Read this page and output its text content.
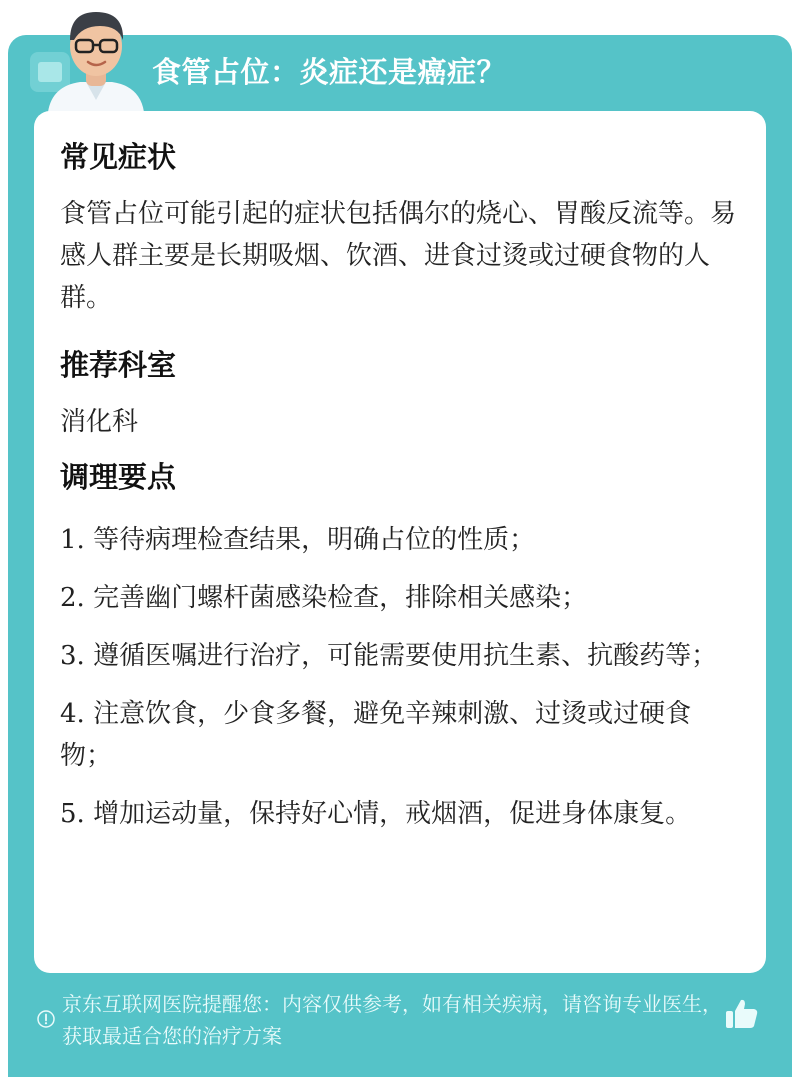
食管占位：炎症还是癌症？
常见症状
食管占位可能引起的症状包括偶尔的烧心、胃酸反流等。易感人群主要是长期吸烟、饮酒、进食过烫或过硬食物的人群。
推荐科室
消化科
调理要点
1. 等待病理检查结果，明确占位的性质；
2. 完善幽门螺杆菌感染检查，排除相关感染；
3. 遵循医嘱进行治疗，可能需要使用抗生素、抗酸药等；
4. 注意饮食，少食多餐，避免辛辣刺激、过烫或过硬食物；
5. 增加运动量，保持好心情，戒烟酒，促进身体康复。
京东互联网医院提醒您：内容仅供参考，如有相关疾病，请咨询专业医生，获取最适合您的治疗方案
